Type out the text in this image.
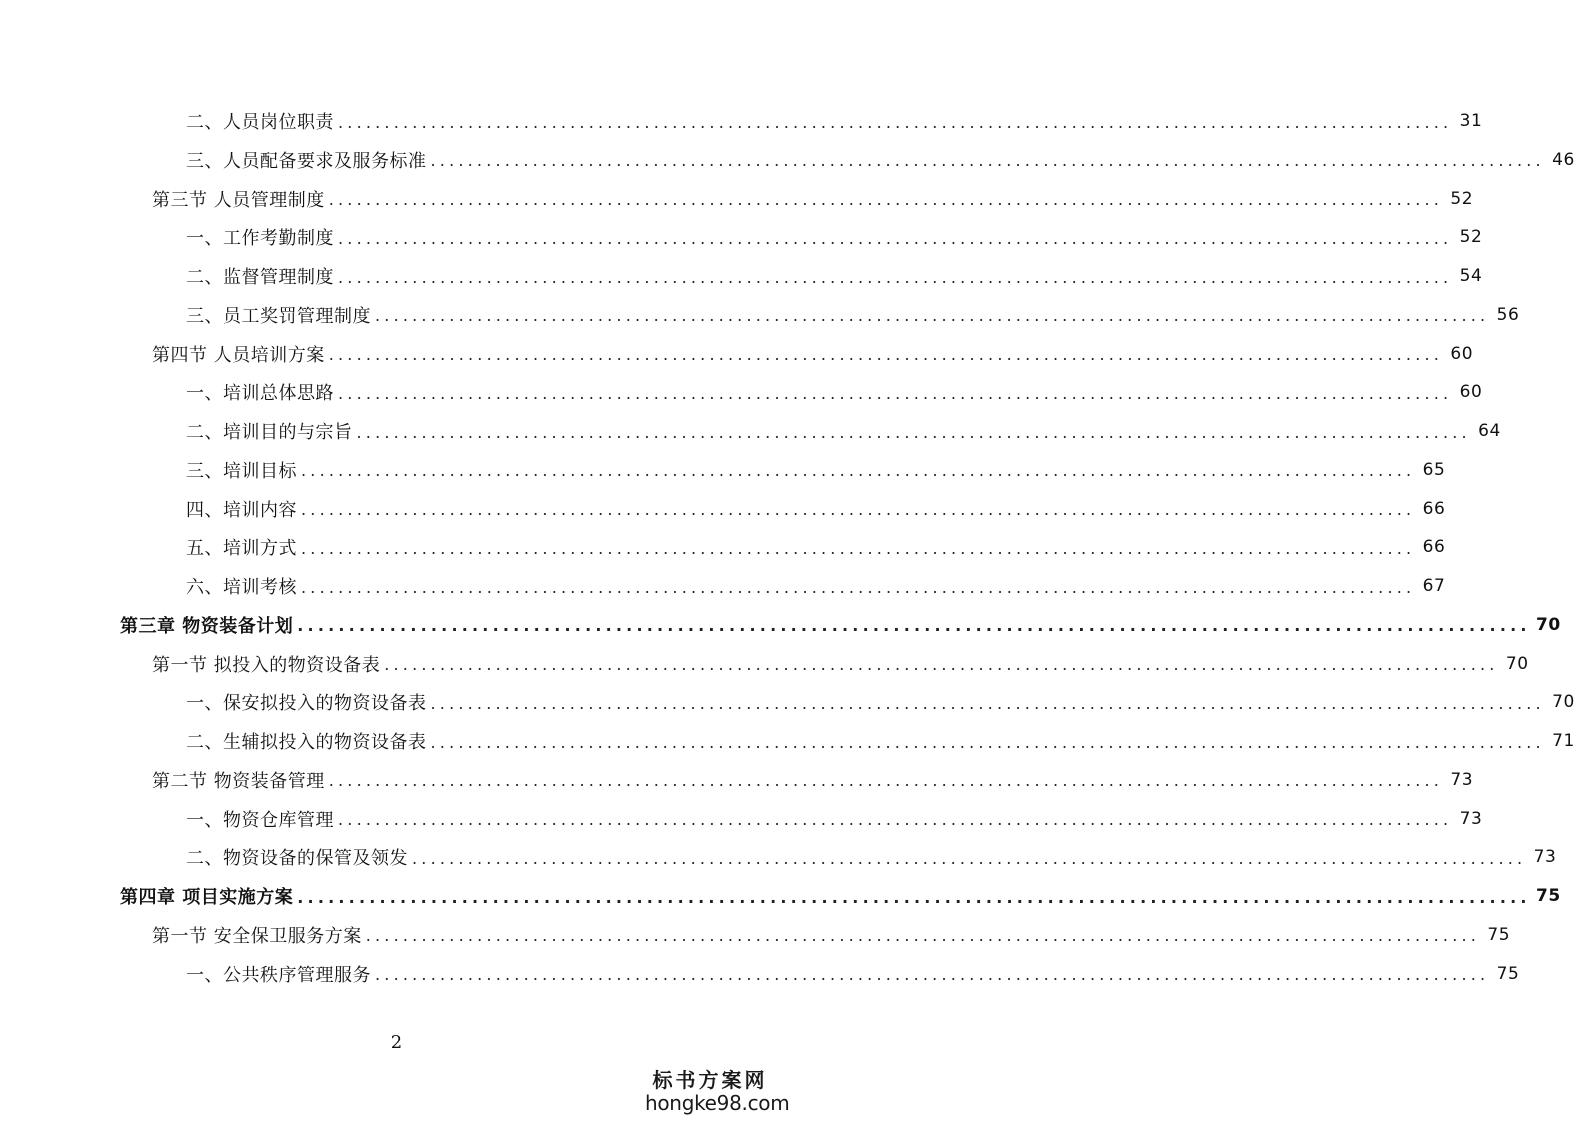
二、人员岗位职责 ........................................................................................................................ 31
三、人员配备要求及服务标准 ........................................................................................................................ 46
第三节 人员管理制度 ........................................................................................................................ 52
一、工作考勤制度 ........................................................................................................................ 52
二、监督管理制度 ........................................................................................................................ 54
三、员工奖罚管理制度 ........................................................................................................................ 56
第四节 人员培训方案 ........................................................................................................................ 60
一、培训总体思路 ........................................................................................................................ 60
二、培训目的与宗旨 ........................................................................................................................ 64
三、培训目标 ........................................................................................................................ 65
四、培训内容 ........................................................................................................................ 66
五、培训方式 ........................................................................................................................ 66
六、培训考核 ........................................................................................................................ 67
第三章 物资装备计划 ........................................................................................................................ 70
第一节 拟投入的物资设备表 ........................................................................................................................ 70
一、保安拟投入的物资设备表 ........................................................................................................................ 70
二、生辅拟投入的物资设备表 ........................................................................................................................ 71
第二节 物资装备管理 ........................................................................................................................ 73
一、物资仓库管理 ........................................................................................................................ 73
二、物资设备的保管及领发 ........................................................................................................................ 73
第四章 项目实施方案 ........................................................................................................................ 75
第一节 安全保卫服务方案 ........................................................................................................................ 75
一、公共秩序管理服务 ........................................................................................................................ 75
2
标书方案网
hongke98.com
